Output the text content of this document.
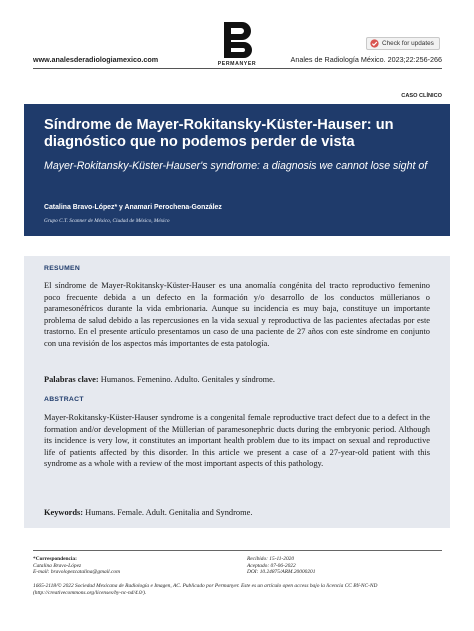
www.analesderadiologiamexico.com	PERMANYER
Check for updates
Anales de Radiología México. 2023;22:256-266
CASO CLÍNICO
Síndrome de Mayer-Rokitansky-Küster-Hauser: un diagnóstico que no podemos perder de vista

Mayer-Rokitansky-Küster-Hauser's syndrome: a diagnosis we cannot lose sight of

Catalina Bravo-López* y Anamari Perochena-González
Grupo C.T. Scanner de México, Ciudad de México, México
RESUMEN

El síndrome de Mayer-Rokitansky-Küster-Hauser es una anomalía congénita del tracto reproductivo femenino poco frecuente debida a un defecto en la formación y/o desarrollo de los conductos müllerianos o paramesonéfricos durante la vida embrionaria. Aunque su incidencia es muy baja, constituye un importante problema de salud debido a las repercusiones en la vida sexual y reproductiva de las pacientes afectadas por este trastorno. En el presente artículo presentamos un caso de una paciente de 27 años con este síndrome en conjunto con una revisión de los aspectos más importantes de esta patología.

Palabras clave: Humanos. Femenino. Adulto. Genitales y síndrome.
ABSTRACT

Mayer-Rokitansky-Küster-Hauser syndrome is a congenital female reproductive tract defect due to a defect in the formation and/or development of the Müllerian of paramesonephric ducts during the embryonic period. Although its incidence is very low, it constitutes an important health problem due to its impact on sexual and reproductive life of patients affected by this disorder. In this article we present a case of a 27-year-old patient with this syndrome as a whole with a review of the most important aspects of this pathology.

Keywords: Humans. Female. Adult. Genitalia and Syndrome.
*Correspondencia:
Catalina Bravo-López
E-mail: bravolopezcatalina@gmail.com
Recibido: 15-11-2020
Aceptado: 07-06-2022
DOI: 10.24875/ARM.20000201
1665-2118/© 2022 Sociedad Mexicana de Radiología e Imagen, AC. Publicado por Permanyer. Este es un artículo open access bajo la licencia CC BY-NC-ND (http://creativecommons.org/licenses/by-nc-nd/4.0/).
